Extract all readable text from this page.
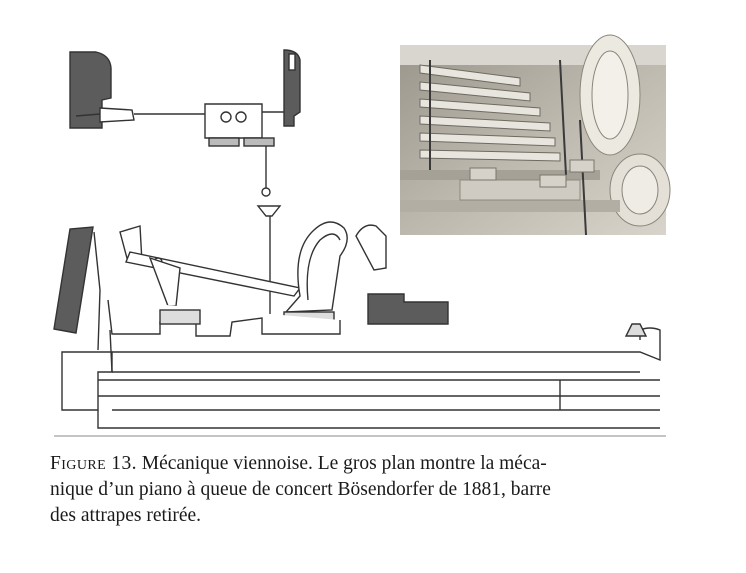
Figure 13. Mécanique viennoise. Le gros plan montre la méca-
nique d’un piano à queue de concert Bösendorfer de 1881, barre
des attrapes retirée.
